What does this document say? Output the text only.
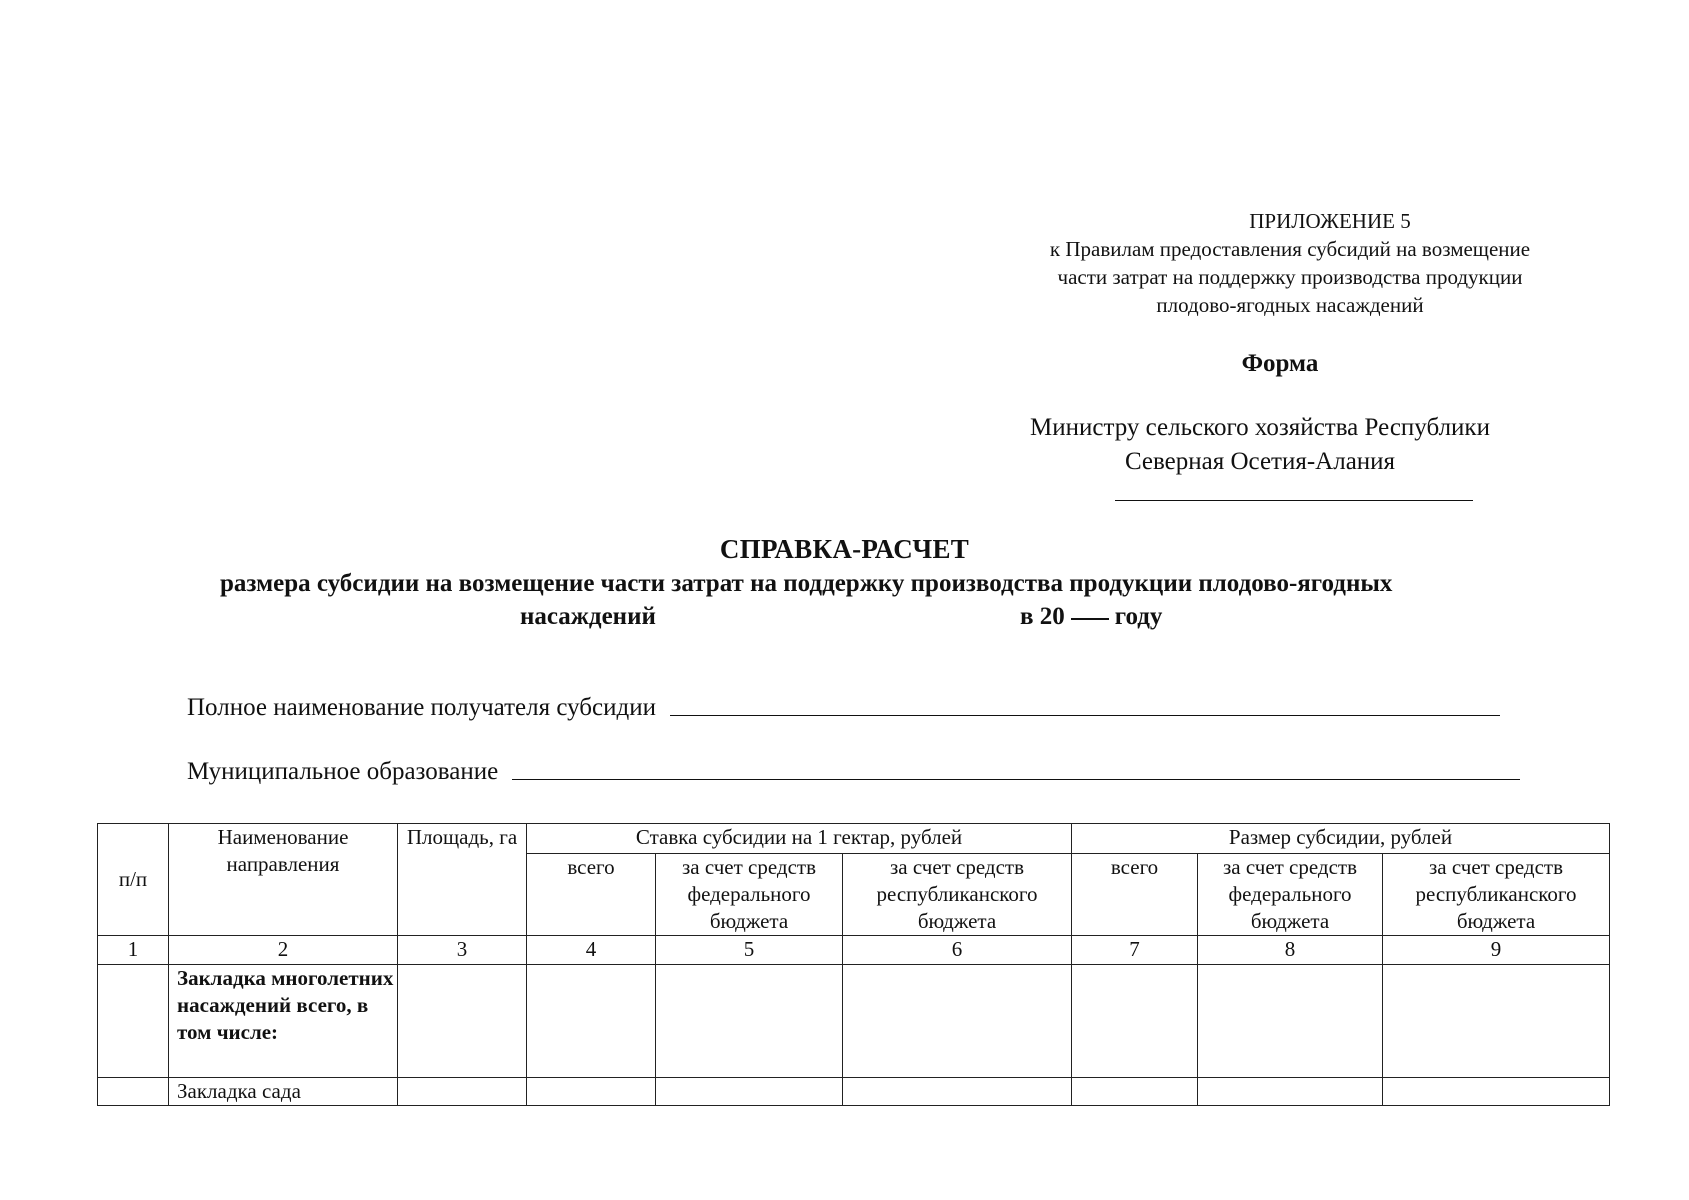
ПРИЛОЖЕНИЕ 5
к Правилам предоставления субсидий на возмещение
части затрат на поддержку производства продукции
плодово-ягодных насаждений
Форма
Министру сельского хозяйства Республики
Северная Осетия-Алания
СПРАВКА-РАСЧЕТ
размера субсидии на возмещение части затрат на поддержку производства продукции плодово-ягодных
насаждений	в 20 году
Полное наименование получателя субсидии
Муниципальное образование
п/п	Наименование направления	Площадь, га	Ставка субсидии на 1 гектар, рублей			Размер субсидии, рублей		
			всего	за счет средств федерального бюджета	за счет средств республиканского бюджета	всего	за счет средств федерального бюджета	за счет средств республиканского бюджета
1	2	3	4	5	6	7	8	9
	Закладка многолетних насаждений всего, в том числе:							
	Закладка сада							
